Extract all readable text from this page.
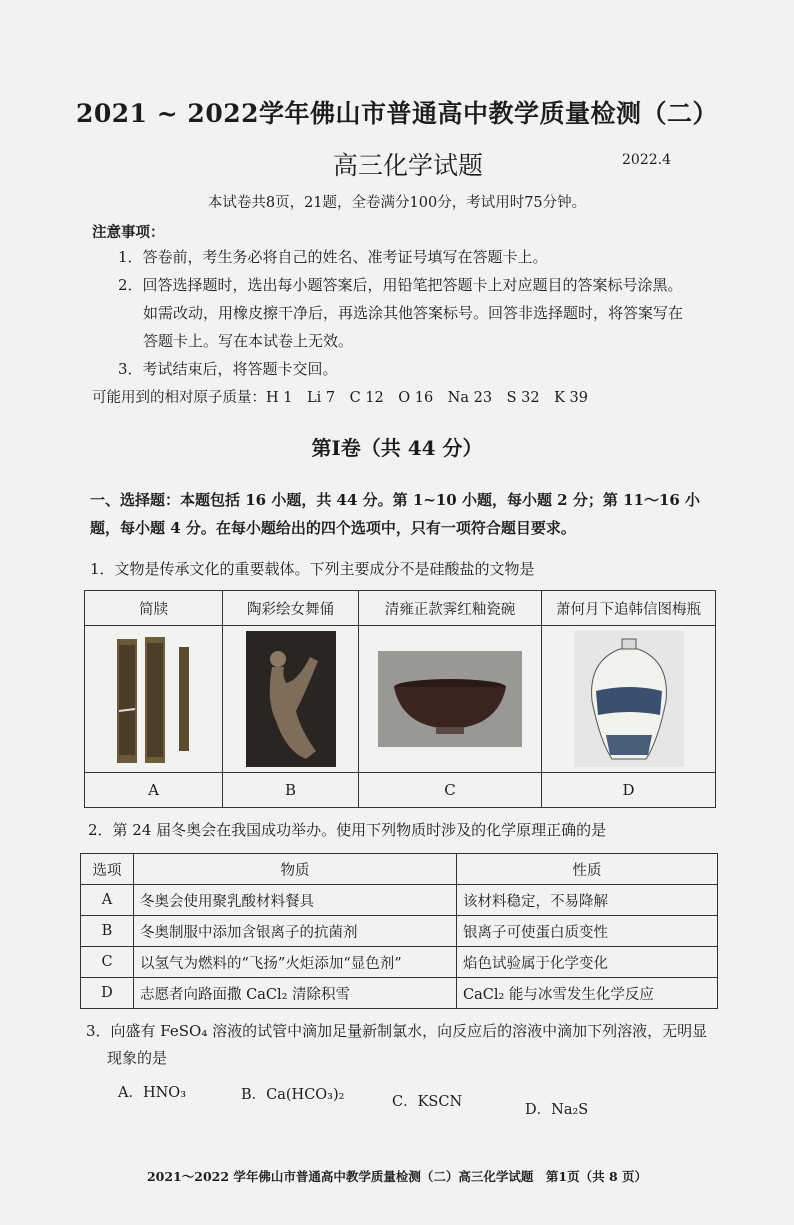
2021 ~ 2022学年佛山市普通高中教学质量检测（二）
高三化学试题	2022.4
本试卷共8页，21题，全卷满分100分，考试用时75分钟。
注意事项：
1．答卷前，考生务必将自己的姓名、准考证号填写在答题卡上。
2．回答选择题时，选出每小题答案后，用铅笔把答题卡上对应题目的答案标号涂黑。
如需改动，用橡皮擦干净后，再选涂其他答案标号。回答非选择题时，将答案写在
答题卡上。写在本试卷上无效。
3．考试结束后，将答题卡交回。
可能用到的相对原子质量：H 1　Li 7　C 12　O 16　Na 23　S 32　K 39
第Ⅰ卷（共 44 分）
一、选择题：本题包括 16 小题，共 44 分。第 1~10 小题，每小题 2 分；第 11～16 小题，每小题 4 分。在每小题给出的四个选项中，只有一项符合题目要求。
1．文物是传承文化的重要载体。下列主要成分不是硅酸盐的文物是
简牍	陶彩绘女舞俑	清雍正款霁红釉瓷碗	萧何月下追韩信图梅瓶

A	B	C	D
2．第 24 届冬奥会在我国成功举办。使用下列物质时涉及的化学原理正确的是
选项	物质	性质
A	冬奥会使用聚乳酸材料餐具	该材料稳定，不易降解
B	冬奥制服中添加含银离子的抗菌剂	银离子可使蛋白质变性
C	以氢气为燃料的“飞扬”火炬添加“显色剂”	焰色试验属于化学变化
D	志愿者向路面撒 CaCl₂ 清除积雪	CaCl₂ 能与冰雪发生化学反应
3．向盛有 FeSO₄ 溶液的试管中滴加足量新制氯水，向反应后的溶液中滴加下列溶液，无明显
现象的是
A．HNO₃	B．Ca(HCO₃)₂	C．KSCN	D．Na₂S
2021～2022 学年佛山市普通高中教学质量检测（二）高三化学试题　第1页（共 8 页）
